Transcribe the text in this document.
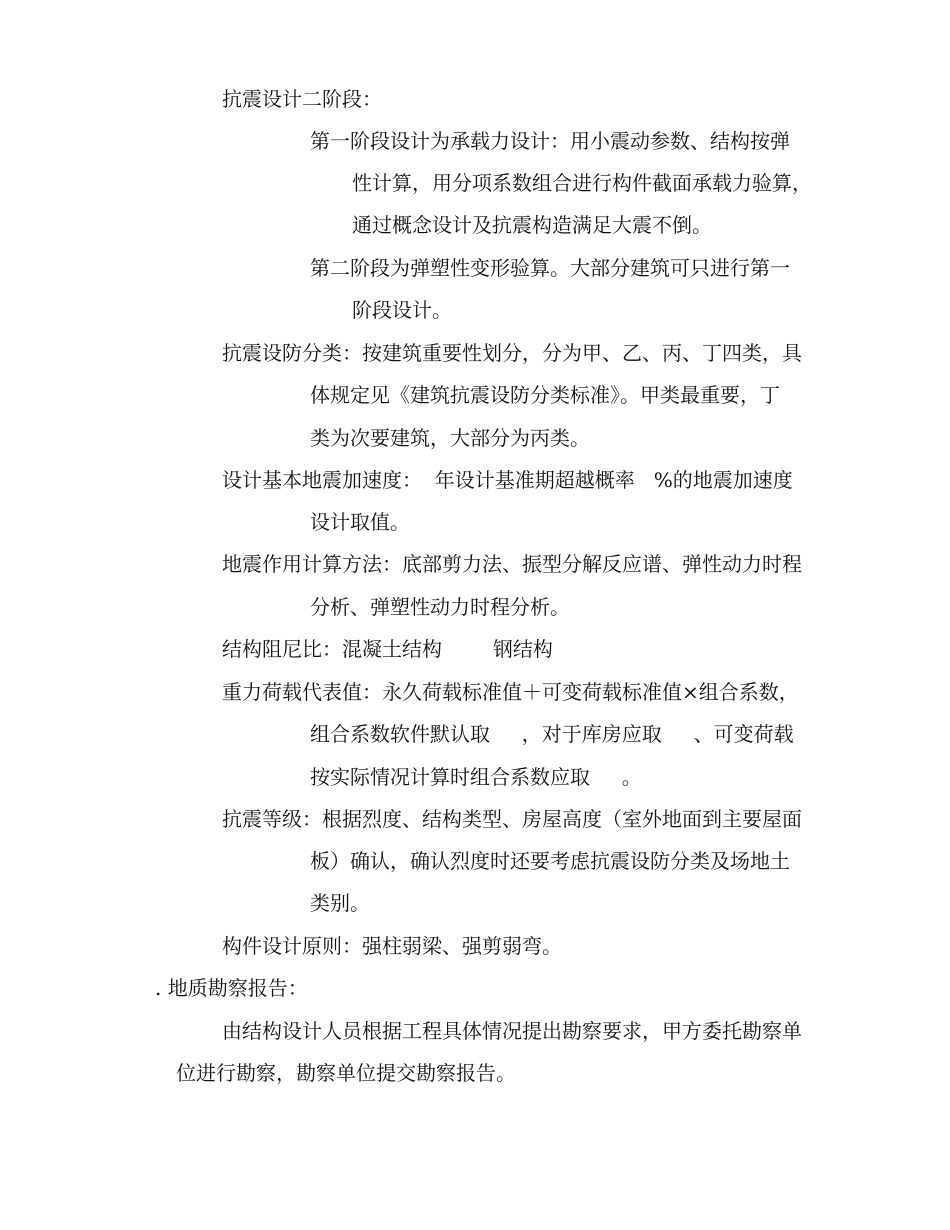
抗震设计二阶段：
第一阶段设计为承载力设计：用小震动参数、结构按弹
性计算，用分项系数组合进行构件截面承载力验算，
通过概念设计及抗震构造满足大震不倒。
第二阶段为弹塑性变形验算。大部分建筑可只进行第一
阶段设计。
抗震设防分类：按建筑重要性划分，分为甲、乙、丙、丁四类，具
体规定见《建筑抗震设防分类标准》。甲类最重要，丁
类为次要建筑，大部分为丙类。
设计基本地震加速度：  年设计基准期超越概率   %的地震加速度
设计取值。
地震作用计算方法：底部剪力法、振型分解反应谱、弹性动力时程
分析、弹塑性动力时程分析。
结构阻尼比：混凝土结构        钢结构
重力荷载代表值：永久荷载标准值＋可变荷载标准值×组合系数，
组合系数软件默认取     ，对于库房应取     、可变荷载
按实际情况计算时组合系数应取     。
抗震等级：根据烈度、结构类型、房屋高度（室外地面到主要屋面
板）确认，确认烈度时还要考虑抗震设防分类及场地土
类别。
构件设计原则：强柱弱梁、强剪弱弯。
. 地质勘察报告：
由结构设计人员根据工程具体情况提出勘察要求，甲方委托勘察单
位进行勘察，勘察单位提交勘察报告。
